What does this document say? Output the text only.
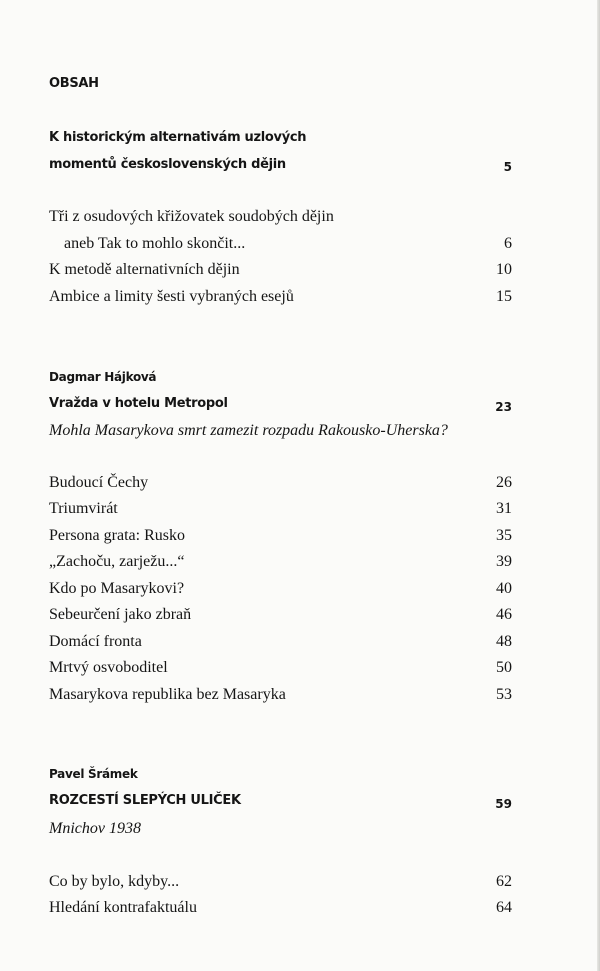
OBSAH
K historickým alternativám uzlových
momentů československých dějin	5
Tři z osudových křižovatek soudobých dějin
aneb Tak to mohlo skončit...	6
K metodě alternativních dějin	10
Ambice a limity šesti vybraných esejů	15
Dagmar Hájková
Vražda v hotelu Metropol	23
Mohla Masarykova smrt zamezit rozpadu Rakousko-Uherska?
Budoucí Čechy	26
Triumvirát	31
Persona grata: Rusko	35
„Zachoču, zarježu...“	39
Kdo po Masarykovi?	40
Sebeurčení jako zbraň	46
Domácí fronta	48
Mrtvý osvoboditel	50
Masarykova republika bez Masaryka	53
Pavel Šrámek
ROZCESTÍ SLEPÝCH ULIČEK	59
Mnichov 1938
Co by bylo, kdyby...	62
Hledání kontrafaktuálu	64
